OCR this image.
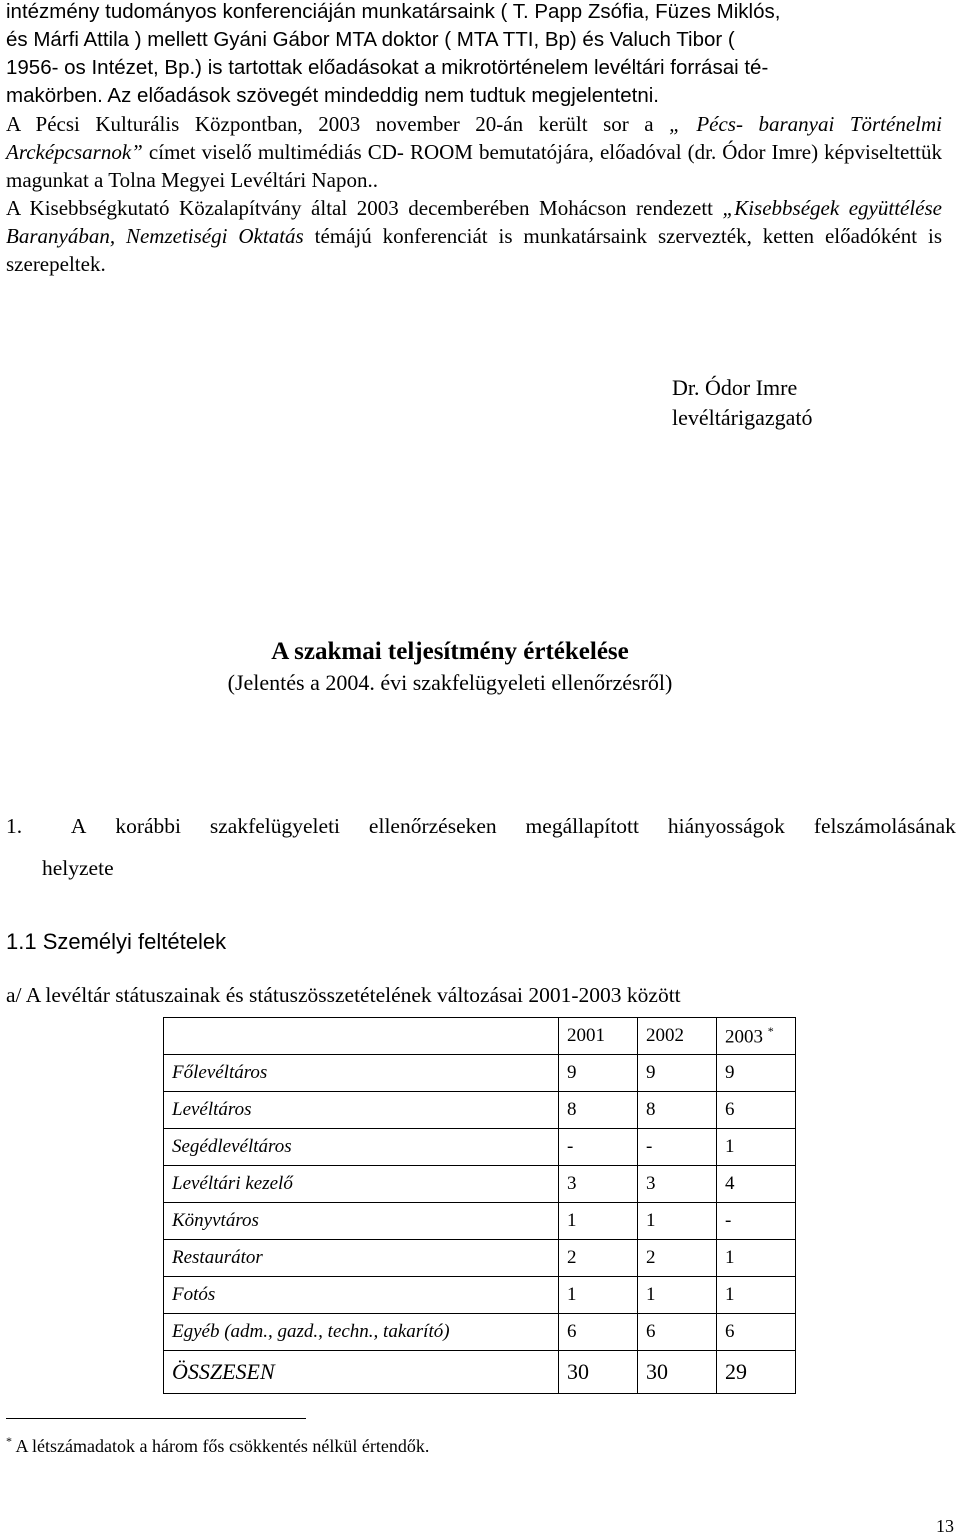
intézmény tudományos konferenciáján munkatársaink ( T. Papp Zsófia, Füzes Miklós,

és Márfi Attila ) mellett Gyáni Gábor MTA doktor ( MTA TTI, Bp) és Valuch Tibor (

1956- os Intézet, Bp.) is tartottak előadásokat a mikrotörténelem levéltári forrásai té-

makörben. Az előadások szövegét mindeddig nem tudtuk megjelentetni.

A Pécsi Kulturális Központban, 2003 november 20-án került sor a „ Pécs- baranyai Történelmi Arcképcsarnok” címet viselő multimédiás CD- ROOM bemutatójára, előadóval (dr. Ódor Imre) képviseltettük magunkat a Tolna Megyei Levéltári Napon..

A Kisebbségkutató Közalapítvány által 2003 decemberében Mohácson rendezett „Kisebbségek együttélése Baranyában, Nemzetiségi Oktatás témájú konferenciát is munkatársaink szervezték, ketten előadóként is szerepeltek.

Dr. Ódor Imre
levéltárigazgató
A szakmai teljesítmény értékelése
(Jelentés a 2004. évi szakfelügyeleti ellenőrzésről)
1.	A korábbi szakfelügyeleti ellenőrzéseken megállapított hiányosságok felszámolásának
helyzete
1.1 Személyi feltételek
a/ A levéltár státuszainak és státuszösszetételének változásai 2001-2003 között
	2001	2002	2003 *
Főlevéltáros	9	9	9
Levéltáros	8	8	6
Segédlevéltáros	-	-	1
Levéltári kezelő	3	3	4
Könyvtáros	1	1	-
Restaurátor	2	2	1
Fotós	1	1	1
Egyéb (adm., gazd., techn., takarító)	6	6	6
ÖSSZESEN	30	30	29
* A létszámadatok a három fős csökkentés nélkül értendők.
13
